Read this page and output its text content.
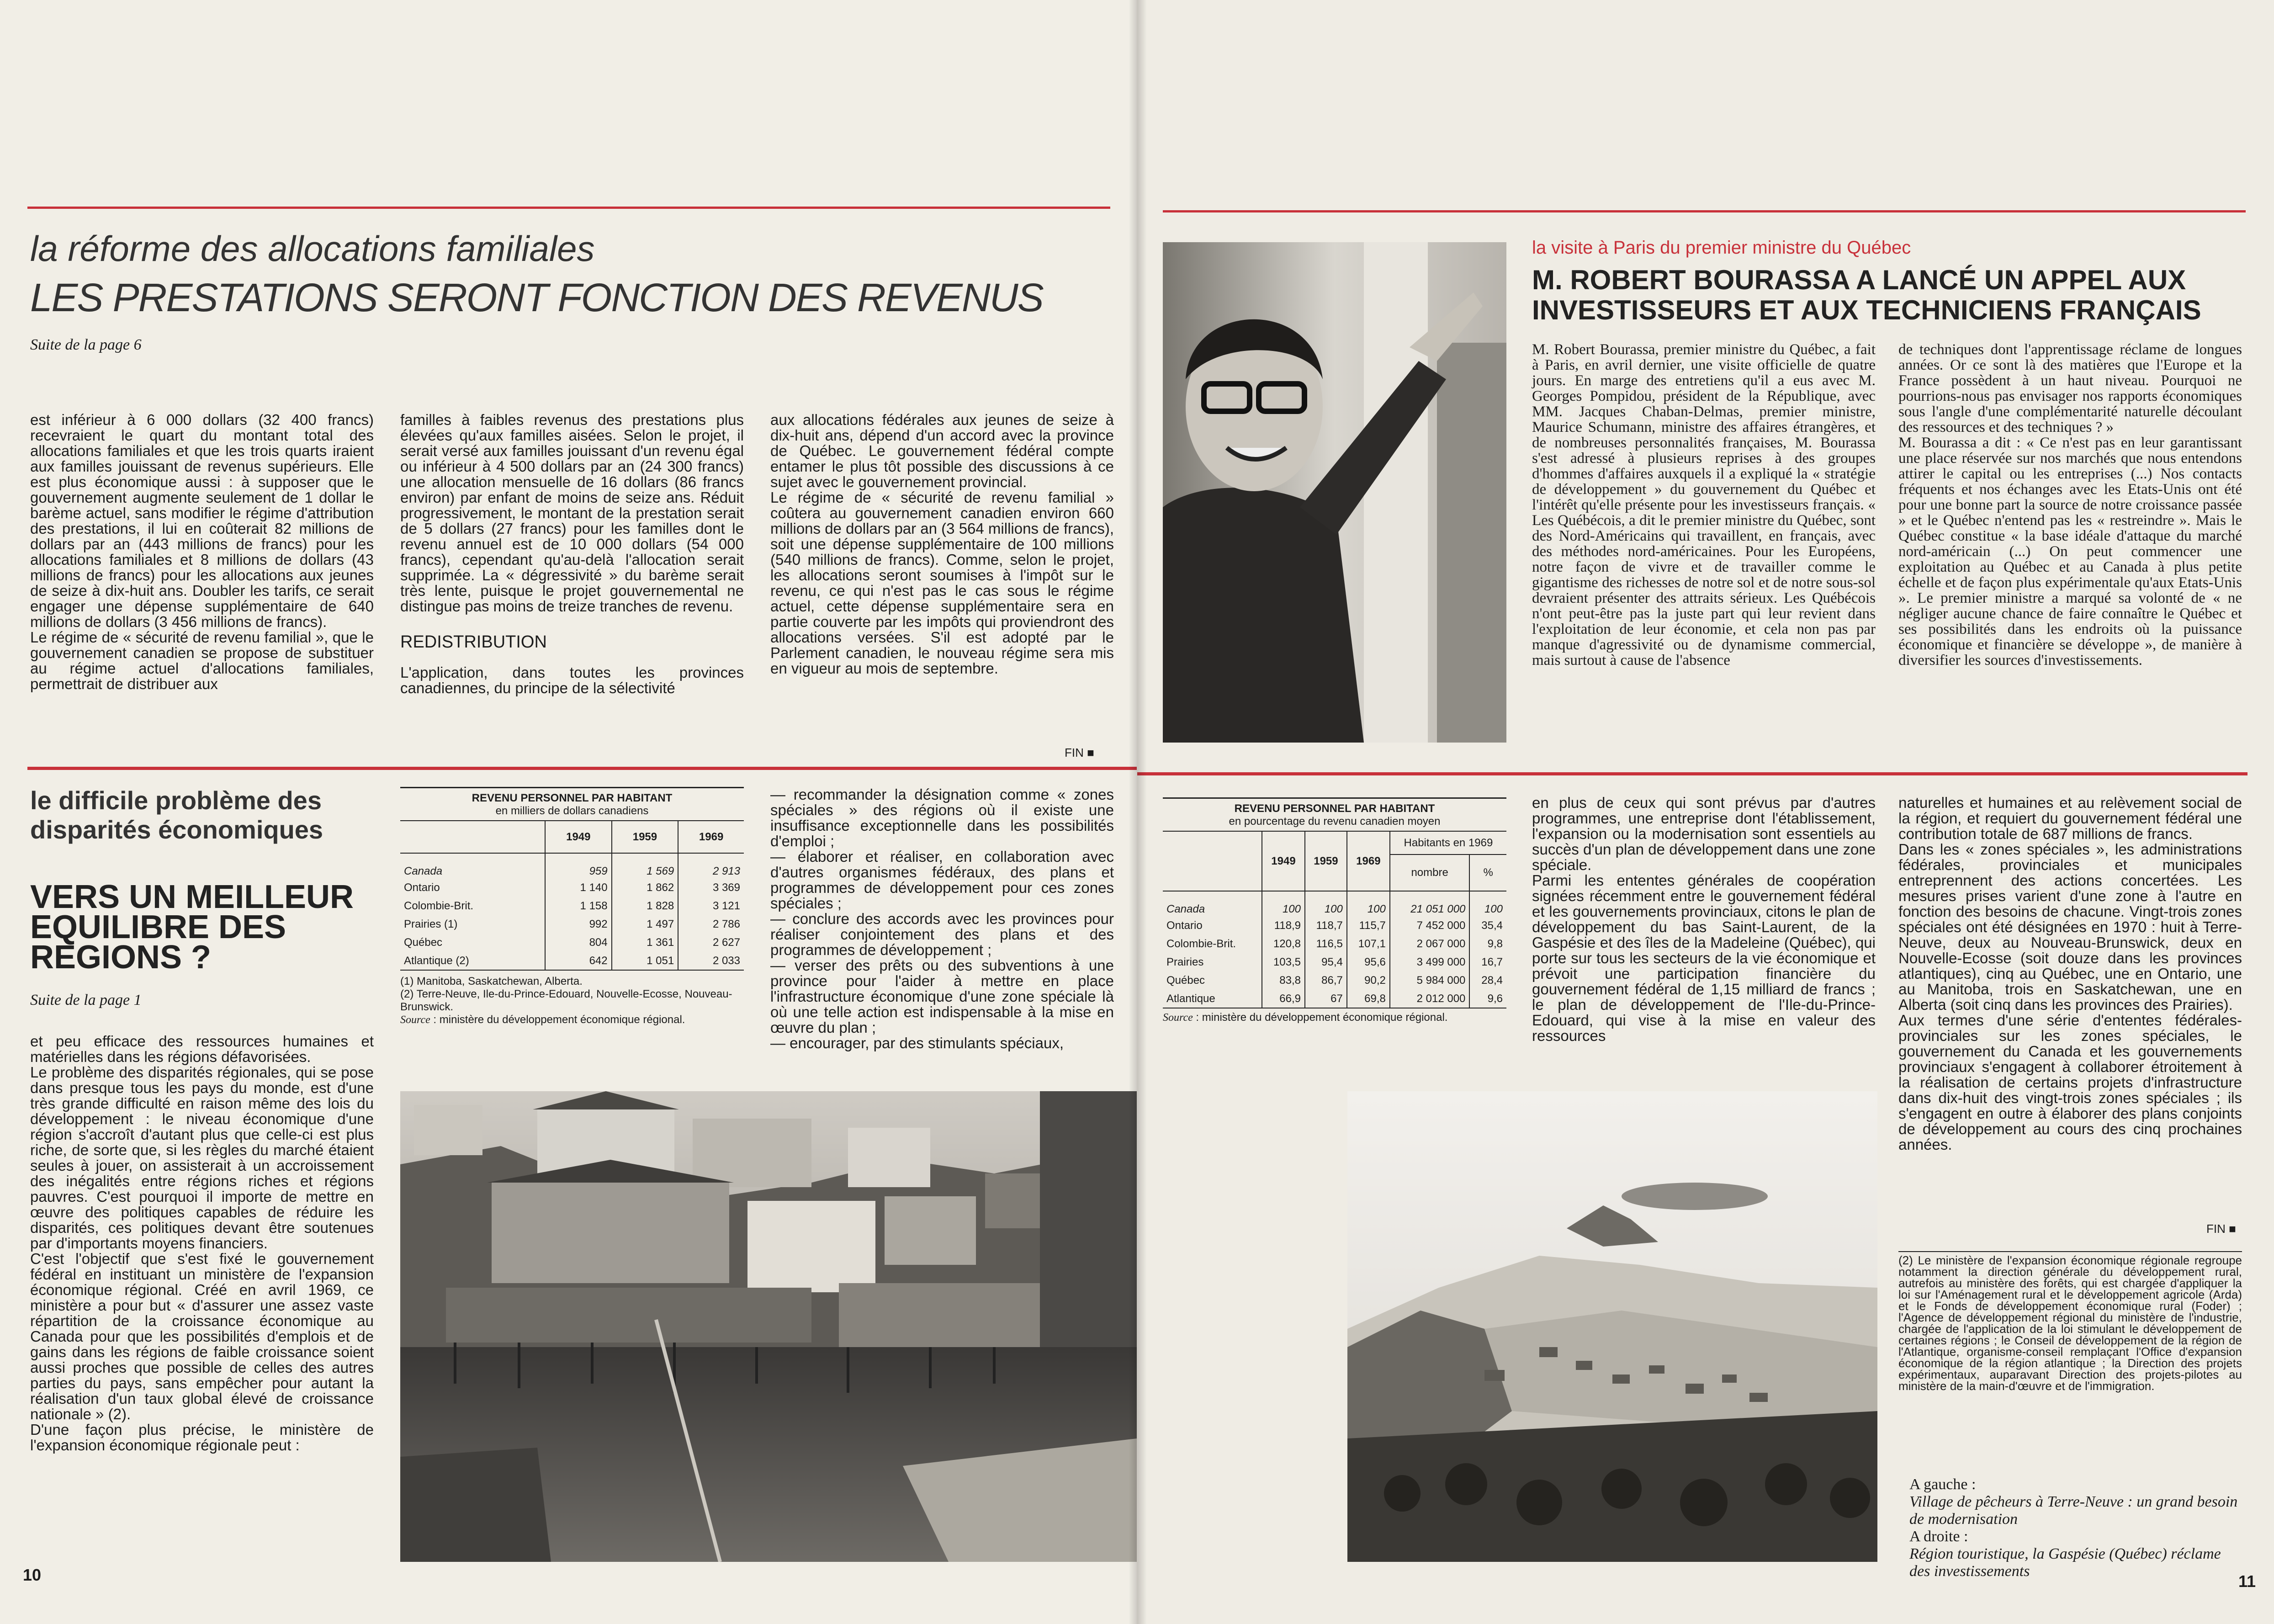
la réforme des allocations familiales
LES PRESTATIONS SERONT FONCTION DES REVENUS
Suite de la page 6
est inférieur à 6 000 dollars (32 400 francs) recevraient le quart du montant total des allocations familiales et que les trois quarts iraient aux familles jouissant de revenus supérieurs. Elle est plus économique aussi : à supposer que le gouvernement augmente seulement de 1 dollar le barème actuel, sans modifier le régime d'attribution des prestations, il lui en coûterait 82 millions de dollars par an (443 millions de francs) pour les allocations familiales et 8 millions de dollars (43 millions de francs) pour les allocations aux jeunes de seize à dix-huit ans. Doubler les tarifs, ce serait engager une dépense supplémentaire de 640 millions de dollars (3 456 millions de francs).
Le régime de « sécurité de revenu familial », que le gouvernement canadien se propose de substituer au régime actuel d'allocations familiales, permettrait de distribuer aux
familles à faibles revenus des prestations plus élevées qu'aux familles aisées. Selon le projet, il serait versé aux familles jouissant d'un revenu égal ou inférieur à 4 500 dollars par an (24 300 francs) une allocation mensuelle de 16 dollars (86 francs environ) par enfant de moins de seize ans. Réduit progressivement, le montant de la prestation serait de 5 dollars (27 francs) pour les familles dont le revenu annuel est de 10 000 dollars (54 000 francs), cependant qu'au-delà l'allocation serait supprimée. La « dégressivité » du barème serait très lente, puisque le projet gouvernemental ne distingue pas moins de treize tranches de revenu.
REDISTRIBUTION
L'application, dans toutes les provinces canadiennes, du principe de la sélectivité
aux allocations fédérales aux jeunes de seize à dix-huit ans, dépend d'un accord avec la province de Québec. Le gouvernement fédéral compte entamer le plus tôt possible des discussions à ce sujet avec le gouvernement provincial.
Le régime de « sécurité de revenu familial » coûtera au gouvernement canadien environ 660 millions de dollars par an (3 564 millions de francs), soit une dépense supplémentaire de 100 millions (540 millions de francs). Comme, selon le projet, les allocations seront soumises à l'impôt sur le revenu, ce qui n'est pas le cas sous le régime actuel, cette dépense supplémentaire sera en partie couverte par les impôts qui proviendront des allocations versées. S'il est adopté par le Parlement canadien, le nouveau régime sera mis en vigueur au mois de septembre.
FIN ■
le difficile problème des disparités économiques
VERS UN MEILLEUR EQUILIBRE DES REGIONS ?
Suite de la page 1
et peu efficace des ressources humaines et matérielles dans les régions défavorisées.
Le problème des disparités régionales, qui se pose dans presque tous les pays du monde, est d'une très grande difficulté en raison même des lois du développement : le niveau économique d'une région s'accroît d'autant plus que celle-ci est plus riche, de sorte que, si les règles du marché étaient seules à jouer, on assisterait à un accroissement des inégalités entre régions riches et régions pauvres. C'est pourquoi il importe de mettre en œuvre des politiques capables de réduire les disparités, ces politiques devant être soutenues par d'importants moyens financiers.
C'est l'objectif que s'est fixé le gouvernement fédéral en instituant un ministère de l'expansion économique régional. Créé en avril 1969, ce ministère a pour but « d'assurer une assez vaste répartition de la croissance économique au Canada pour que les possibilités d'emplois et de gains dans les régions de faible croissance soient aussi proches que possible de celles des autres parties du pays, sans empêcher pour autant la réalisation d'un taux global élevé de croissance nationale » (2).
D'une façon plus précise, le ministère de l'expansion économique régionale peut :
REVENU PERSONNEL PAR HABITANT
en milliers de dollars canadiens
	1949	1959	1969
Canada	959	1 569	2 913
Ontario	1 140	1 862	3 369
Colombie-Brit.	1 158	1 828	3 121
Prairies (1)	992	1 497	2 786
Québec	804	1 361	2 627
Atlantique (2)	642	1 051	2 033
(1) Manitoba, Saskatchewan, Alberta.
(2) Terre-Neuve, Ile-du-Prince-Edouard, Nouvelle-Ecosse, Nouveau-Brunswick.
Source : ministère du développement économique régional.
— recommander la désignation comme « zones spéciales » des régions où il existe une insuffisance exceptionnelle dans les possibilités d'emploi ;
— élaborer et réaliser, en collaboration avec d'autres organismes fédéraux, des plans et programmes de développement pour ces zones spéciales ;
— conclure des accords avec les provinces pour réaliser conjointement des plans et des programmes de développement ;
— verser des prêts ou des subventions à une province pour l'aider à mettre en place l'infrastructure économique d'une zone spéciale là où une telle action est indispensable à la mise en œuvre du plan ;
— encourager, par des stimulants spéciaux,
10
la visite à Paris du premier ministre du Québec
M. ROBERT BOURASSA A LANCÉ UN APPEL AUX INVESTISSEURS ET AUX TECHNICIENS FRANÇAIS
M. Robert Bourassa, premier ministre du Québec, a fait à Paris, en avril dernier, une visite officielle de quatre jours. En marge des entretiens qu'il a eus avec M. Georges Pompidou, président de la République, avec MM. Jacques Chaban-Delmas, premier ministre, Maurice Schumann, ministre des affaires étrangères, et de nombreuses personnalités françaises, M. Bourassa s'est adressé à plusieurs reprises à des groupes d'hommes d'affaires auxquels il a expliqué la « stratégie de développement » du gouvernement du Québec et l'intérêt qu'elle présente pour les investisseurs français. « Les Québécois, a dit le premier ministre du Québec, sont des Nord-Américains qui travaillent, en français, avec des méthodes nord-américaines. Pour les Européens, notre façon de vivre et de travailler comme le gigantisme des richesses de notre sol et de notre sous-sol devraient présenter des attraits sérieux. Les Québécois n'ont peut-être pas la juste part qui leur revient dans l'exploitation de leur économie, et cela non pas par manque d'agressivité ou de dynamisme commercial, mais surtout à cause de l'absence
de techniques dont l'apprentissage réclame de longues années. Or ce sont là des matières que l'Europe et la France possèdent à un haut niveau. Pourquoi ne pourrions-nous pas envisager nos rapports économiques sous l'angle d'une complémentarité naturelle découlant des ressources et des techniques ? »
M. Bourassa a dit : « Ce n'est pas en leur garantissant une place réservée sur nos marchés que nous entendons attirer le capital ou les entreprises (...) Nos contacts fréquents et nos échanges avec les Etats-Unis ont été pour une bonne part la source de notre croissance passée » et le Québec n'entend pas les « restreindre ». Mais le Québec constitue « la base idéale d'attaque du marché nord-américain (...) On peut commencer une exploitation au Québec et au Canada à plus petite échelle et de façon plus expérimentale qu'aux Etats-Unis ». Le premier ministre a marqué sa volonté de « ne négliger aucune chance de faire connaître le Québec et ses possibilités dans les endroits où la puissance économique et financière se développe », de manière à diversifier les sources d'investissements.
REVENU PERSONNEL PAR HABITANT
en pourcentage du revenu canadien moyen
	1949	1959	1969	Habitants en 1969	
				nombre	%
Canada	100	100	100	21 051 000	100
Ontario	118,9	118,7	115,7	7 452 000	35,4
Colombie-Brit.	120,8	116,5	107,1	2 067 000	9,8
Prairies	103,5	95,4	95,6	3 499 000	16,7
Québec	83,8	86,7	90,2	5 984 000	28,4
Atlantique	66,9	67	69,8	2 012 000	9,6
Source : ministère du développement économique régional.
en plus de ceux qui sont prévus par d'autres programmes, une entreprise dont l'établissement, l'expansion ou la modernisation sont essentiels au succès d'un plan de développement dans une zone spéciale.
Parmi les ententes générales de coopération signées récemment entre le gouvernement fédéral et les gouvernements provinciaux, citons le plan de développement du bas Saint-Laurent, de la Gaspésie et des îles de la Madeleine (Québec), qui porte sur tous les secteurs de la vie économique et prévoit une participation financière du gouvernement fédéral de 1,15 milliard de francs ; le plan de développement de l'Ile-du-Prince-Edouard, qui vise à la mise en valeur des ressources
naturelles et humaines et au relèvement social de la région, et requiert du gouvernement fédéral une contribution totale de 687 millions de francs.
Dans les « zones spéciales », les administrations fédérales, provinciales et municipales entreprennent des actions concertées. Les mesures prises varient d'une zone à l'autre en fonction des besoins de chacune. Vingt-trois zones spéciales ont été désignées en 1970 : huit à Terre-Neuve, deux au Nouveau-Brunswick, deux en Nouvelle-Ecosse (soit douze dans les provinces atlantiques), cinq au Québec, une en Ontario, une au Manitoba, trois en Saskatchewan, une en Alberta (soit cinq dans les provinces des Prairies).
Aux termes d'une série d'ententes fédérales-provinciales sur les zones spéciales, le gouvernement du Canada et les gouvernements provinciaux s'engagent à collaborer étroitement à la réalisation de certains projets d'infrastructure dans dix-huit des vingt-trois zones spéciales ; ils s'engagent en outre à élaborer des plans conjoints de développement au cours des cinq prochaines années.
FIN ■
(2) Le ministère de l'expansion économique régionale regroupe notamment la direction générale du développement rural, autrefois au ministère des forêts, qui est chargée d'appliquer la loi sur l'Aménagement rural et le développement agricole (Arda) et le Fonds de développement économique rural (Foder) ; l'Agence de développement régional du ministère de l'industrie, chargée de l'application de la loi stimulant le développement de certaines régions ; le Conseil de développement de la région de l'Atlantique, organisme-conseil remplaçant l'Office d'expansion économique de la région atlantique ; la Direction des projets expérimentaux, auparavant Direction des projets-pilotes au ministère de la main-d'œuvre et de l'immigration.
A gauche :
Village de pêcheurs à Terre-Neuve : un grand besoin de modernisation
A droite :
Région touristique, la Gaspésie (Québec) réclame des investissements
11
